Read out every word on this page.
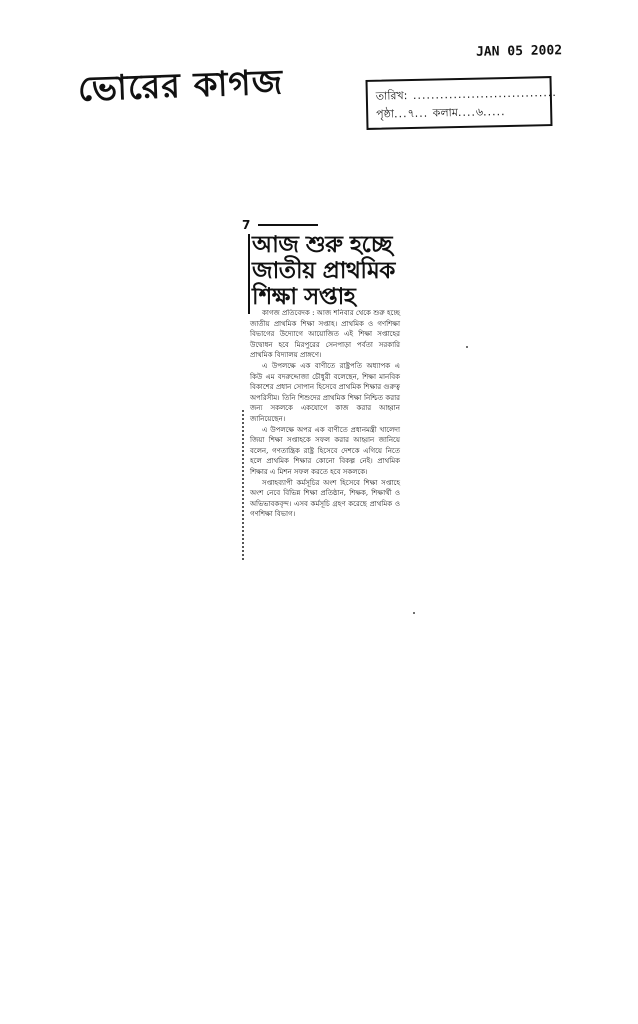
ভোরের কাগজ
JAN 05 2002
তারিখ: ................................
পৃষ্ঠা...৭... কলাম....৬.....
7
আজ শুরু হচ্ছে
জাতীয় প্রাথমিক
শিক্ষা সপ্তাহ

কাগজ প্রতিবেদক : আজ শনিবার থেকে শুরু হচ্ছে জাতীয় প্রাথমিক শিক্ষা সপ্তাহ। প্রাথমিক ও গণশিক্ষা বিভাগের উদ্যোগে আয়োজিত এই শিক্ষা সপ্তাহের উদ্বোধন হবে মিরপুরের সেনপাড়া পর্বতা সরকারি প্রাথমিক বিদ্যালয় প্রাঙ্গণে।

এ উপলক্ষে এক বাণীতে রাষ্ট্রপতি অধ্যাপক এ কিউ এম বদরুদ্দোজা চৌধুরী বলেছেন, শিক্ষা মানবিক বিকাশের প্রধান সোপান হিসেবে প্রাথমিক শিক্ষার গুরুত্ব অপরিসীম। তিনি শিশুদের প্রাথমিক শিক্ষা নিশ্চিত করার জন্য সকলকে একযোগে কাজ করার আহ্বান জানিয়েছেন।

এ উপলক্ষে অপর এক বাণীতে প্রধানমন্ত্রী খালেদা জিয়া শিক্ষা সপ্তাহকে সফল করার আহ্বান জানিয়ে বলেন, গণতান্ত্রিক রাষ্ট্র হিসেবে দেশকে এগিয়ে নিতে হলে প্রাথমিক শিক্ষার কোনো বিকল্প নেই। প্রাথমিক শিক্ষার এ মিশন সফল করতে হবে সকলকে।

সপ্তাহব্যাপী কর্মসূচির অংশ হিসেবে শিক্ষা সপ্তাহে অংশ নেবে বিভিন্ন শিক্ষা প্রতিষ্ঠান, শিক্ষক, শিক্ষার্থী ও অভিভাবকবৃন্দ। এসব কর্মসূচি গ্রহণ করেছে প্রাথমিক ও গণশিক্ষা বিভাগ।
